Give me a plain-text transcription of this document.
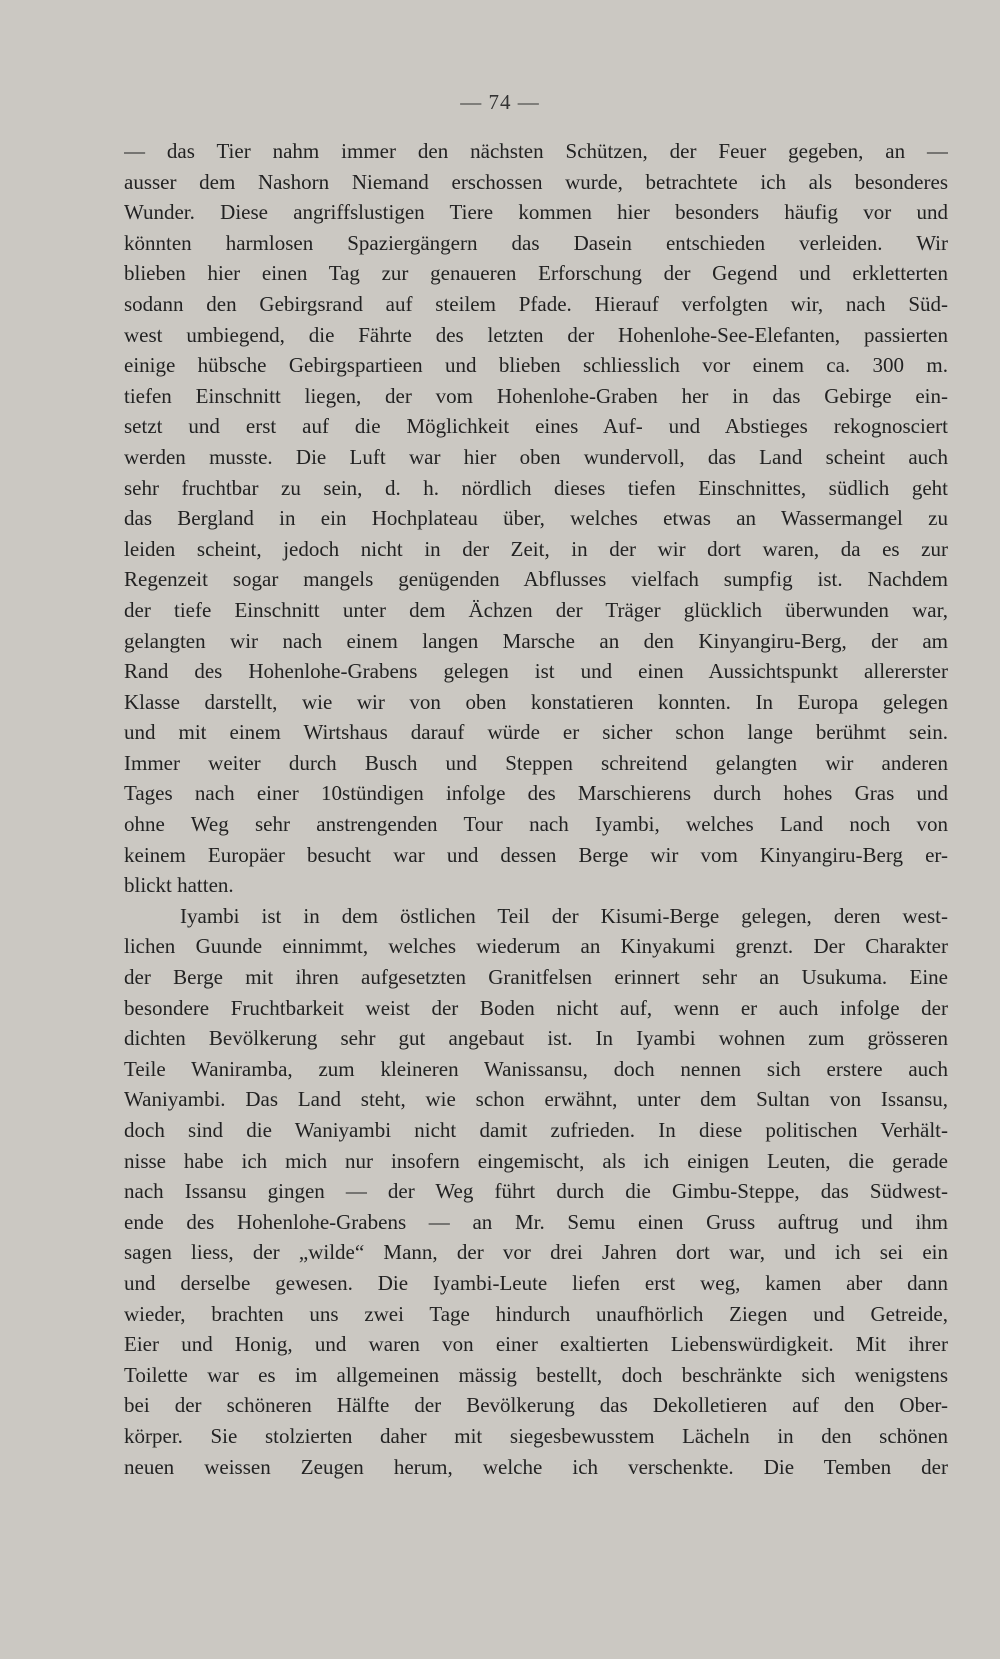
— 74 —
— das Tier nahm immer den nächsten Schützen, der Feuer gegeben, an —
ausser dem Nashorn Niemand erschossen wurde, betrachtete ich als besonderes
Wunder. Diese angriffslustigen Tiere kommen hier besonders häufig vor und
könnten harmlosen Spaziergängern das Dasein entschieden verleiden. Wir
blieben hier einen Tag zur genaueren Erforschung der Gegend und erkletterten
sodann den Gebirgsrand auf steilem Pfade. Hierauf verfolgten wir, nach Süd-
west umbiegend, die Fährte des letzten der Hohenlohe-See-Elefanten, passierten
einige hübsche Gebirgspartieen und blieben schliesslich vor einem ca. 300 m.
tiefen Einschnitt liegen, der vom Hohenlohe-Graben her in das Gebirge ein-
setzt und erst auf die Möglichkeit eines Auf- und Abstieges rekognosciert
werden musste. Die Luft war hier oben wundervoll, das Land scheint auch
sehr fruchtbar zu sein, d. h. nördlich dieses tiefen Einschnittes, südlich geht
das Bergland in ein Hochplateau über, welches etwas an Wassermangel zu
leiden scheint, jedoch nicht in der Zeit, in der wir dort waren, da es zur
Regenzeit sogar mangels genügenden Abflusses vielfach sumpfig ist. Nachdem
der tiefe Einschnitt unter dem Ächzen der Träger glücklich überwunden war,
gelangten wir nach einem langen Marsche an den Kinyangiru-Berg, der am
Rand des Hohenlohe-Grabens gelegen ist und einen Aussichtspunkt allererster
Klasse darstellt, wie wir von oben konstatieren konnten. In Europa gelegen
und mit einem Wirtshaus darauf würde er sicher schon lange berühmt sein.
Immer weiter durch Busch und Steppen schreitend gelangten wir anderen
Tages nach einer 10stündigen infolge des Marschierens durch hohes Gras und
ohne Weg sehr anstrengenden Tour nach Iyambi, welches Land noch von
keinem Europäer besucht war und dessen Berge wir vom Kinyangiru-Berg er-
blickt hatten.
Iyambi ist in dem östlichen Teil der Kisumi-Berge gelegen, deren west-
lichen Guunde einnimmt, welches wiederum an Kinyakumi grenzt. Der Charakter
der Berge mit ihren aufgesetzten Granitfelsen erinnert sehr an Usukuma. Eine
besondere Fruchtbarkeit weist der Boden nicht auf, wenn er auch infolge der
dichten Bevölkerung sehr gut angebaut ist. In Iyambi wohnen zum grösseren
Teile Waniramba, zum kleineren Wanissansu, doch nennen sich erstere auch
Waniyambi. Das Land steht, wie schon erwähnt, unter dem Sultan von Issansu,
doch sind die Waniyambi nicht damit zufrieden. In diese politischen Verhält-
nisse habe ich mich nur insofern eingemischt, als ich einigen Leuten, die gerade
nach Issansu gingen — der Weg führt durch die Gimbu-Steppe, das Südwest-
ende des Hohenlohe-Grabens — an Mr. Semu einen Gruss auftrug und ihm
sagen liess, der „wilde“ Mann, der vor drei Jahren dort war, und ich sei ein
und derselbe gewesen. Die Iyambi-Leute liefen erst weg, kamen aber dann
wieder, brachten uns zwei Tage hindurch unaufhörlich Ziegen und Getreide,
Eier und Honig, und waren von einer exaltierten Liebenswürdigkeit. Mit ihrer
Toilette war es im allgemeinen mässig bestellt, doch beschränkte sich wenigstens
bei der schöneren Hälfte der Bevölkerung das Dekolletieren auf den Ober-
körper. Sie stolzierten daher mit siegesbewusstem Lächeln in den schönen
neuen weissen Zeugen herum, welche ich verschenkte. Die Temben der
